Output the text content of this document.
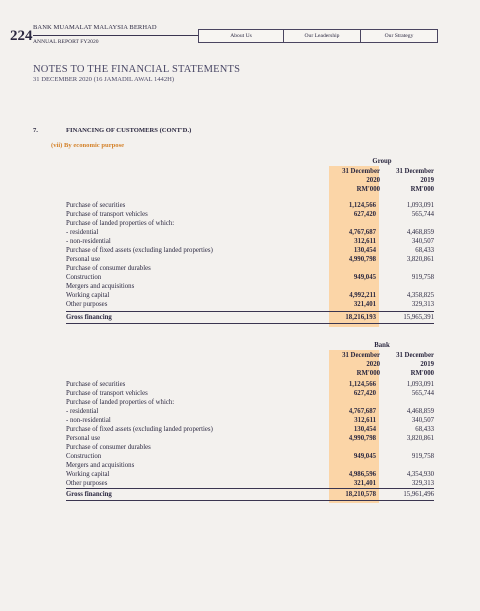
224
BANK MUAMALAT MALAYSIA BERHAD
ANNUAL REPORT FY2020
About Us	Our Leadership	Our Strategy
NOTES TO THE FINANCIAL STATEMENTS
31 DECEMBER 2020 (16 JAMADIL AWAL 1442H)
7.	FINANCING OF CUSTOMERS (CONT'D.)
(vii) By economic purpose
Group
31 December
2020
RM'000
31 December
2019
RM'000
Purchase of securities	1,124,566	1,093,091
Purchase of transport vehicles	627,420	565,744
Purchase of landed properties of which:
- residential	4,767,687	4,468,859
- non-residential	312,611	340,507
Purchase of fixed assets (excluding landed properties)	130,454	68,433
Personal use	4,990,798	3,820,861
Purchase of consumer durables
Construction	949,045	919,758
Mergers and acquisitions
Working capital	4,992,211	4,358,825
Other purposes	321,401	329,313
Gross financing	18,216,193	15,965,391
Bank
31 December
2020
RM'000
31 December
2019
RM'000
Purchase of securities	1,124,566	1,093,091
Purchase of transport vehicles	627,420	565,744
Purchase of landed properties of which:
- residential	4,767,687	4,468,859
- non-residential	312,611	340,507
Purchase of fixed assets (excluding landed properties)	130,454	68,433
Personal use	4,990,798	3,820,861
Purchase of consumer durables
Construction	949,045	919,758
Mergers and acquisitions
Working capital	4,986,596	4,354,930
Other purposes	321,401	329,313
Gross financing	18,210,578	15,961,496
